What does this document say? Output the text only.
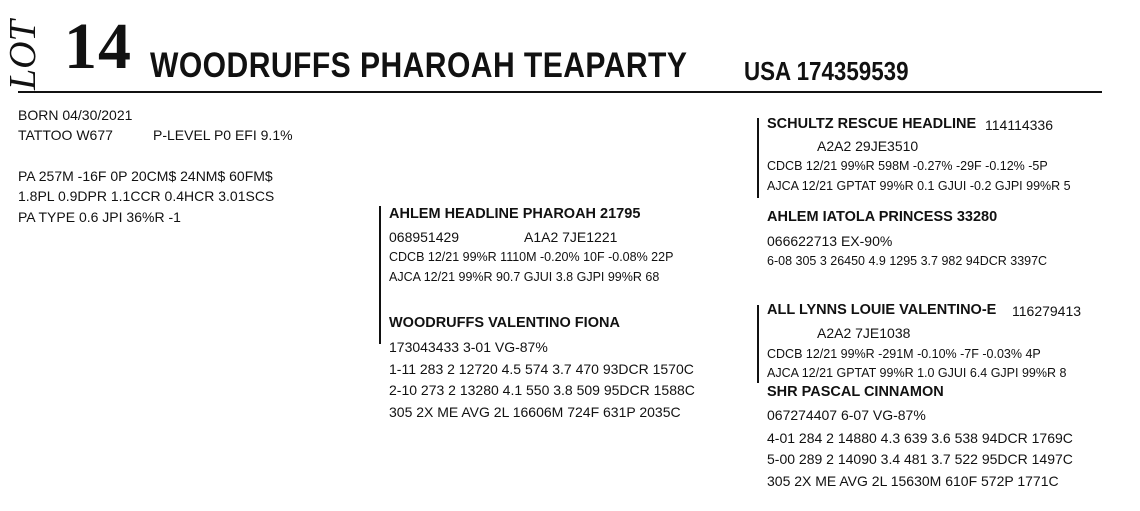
LOT 14 WOODRUFFS PHAROAH TEAPARTY USA 174359539
BORN 04/30/2021
TATTOO W677	P-LEVEL P0 EFI 9.1%
PA 257M -16F 0P 20CM$ 24NM$ 60FM$
1.8PL 0.9DPR 1.1CCR 0.4HCR 3.01SCS
PA TYPE 0.6 JPI 36%R -1	AHLEM HEADLINE PHAROAH 21795
068951429	A1A2 7JE1221
CDCB 12/21 99%R 1110M -0.20% 10F -0.08% 22P
AJCA 12/21 99%R 90.7 GJUI 3.8 GJPI 99%R 68
WOODRUFFS VALENTINO FIONA
173043433 3-01 VG-87%
1-11 283 2 12720 4.5 574 3.7 470 93DCR 1570C
2-10 273 2 13280 4.1 550 3.8 509 95DCR 1588C
305 2X ME AVG 2L 16606M 724F 631P 2035C
SCHULTZ RESCUE HEADLINE 114114336
A2A2 29JE3510
CDCB 12/21 99%R 598M -0.27% -29F -0.12% -5P
AJCA 12/21 GPTAT 99%R 0.1 GJUI -0.2 GJPI 99%R 5
AHLEM IATOLA PRINCESS 33280
066622713 EX-90%
6-08 305 3 26450 4.9 1295 3.7 982 94DCR 3397C
ALL LYNNS LOUIE VALENTINO-E 116279413
A2A2 7JE1038
CDCB 12/21 99%R -291M -0.10% -7F -0.03% 4P
AJCA 12/21 GPTAT 99%R 1.0 GJUI 6.4 GJPI 99%R 8
SHR PASCAL CINNAMON
067274407 6-07 VG-87%
4-01 284 2 14880 4.3 639 3.6 538 94DCR 1769C
5-00 289 2 14090 3.4 481 3.7 522 95DCR 1497C
305 2X ME AVG 2L 15630M 610F 572P 1771C
